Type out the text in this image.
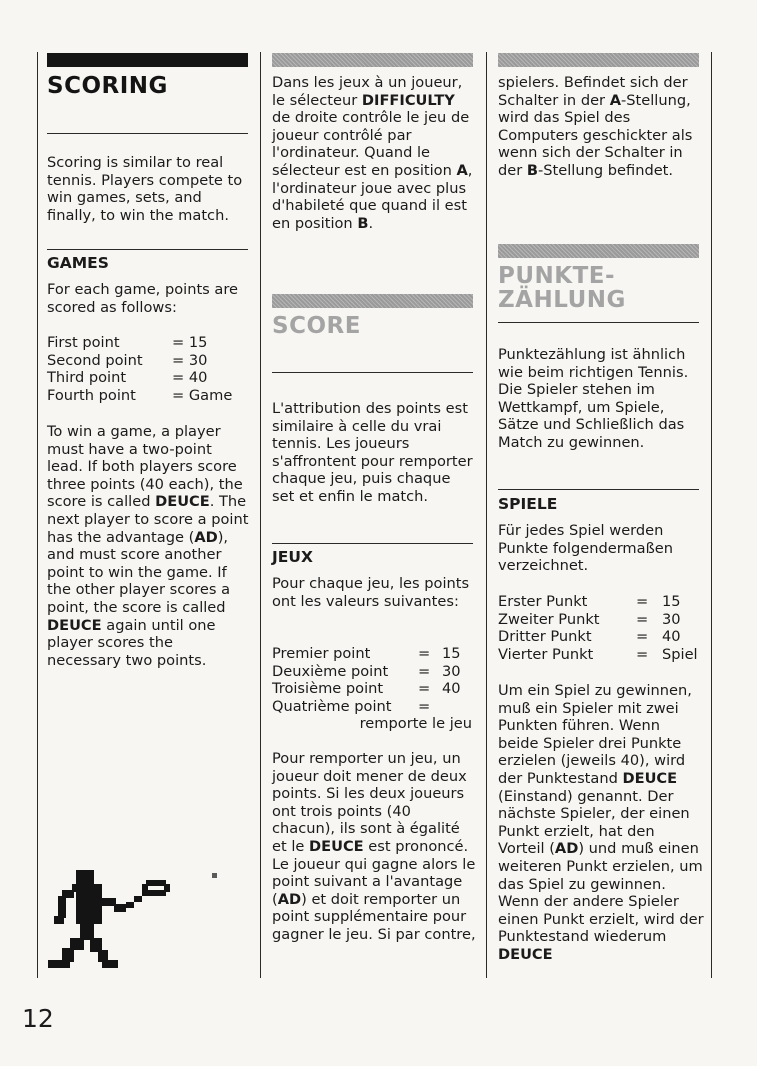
SCORING
Scoring is similar to real tennis. Players compete to win games, sets, and finally, to win the match.
GAMES
For each game, points are scored as follows:
First point	= 15
Second point	= 30
Third point	= 40
Fourth point	= Game
To win a game, a player must have a two-point lead. If both players score three points (40 each), the score is called DEUCE. The next player to score a point has the advantage (AD), and must score another point to win the game. If the other player scores a point, the score is called DEUCE again until one player scores the necessary two points.
12
Dans les jeux à un joueur, le sélecteur DIFFICULTY de droite contrôle le jeu de joueur contrôlé par l'ordinateur. Quand le sélecteur est en position A, l'ordinateur joue avec plus d'habileté que quand il est en position B.
SCORE
L'attribution des points est similaire à celle du vrai tennis. Les joueurs s'affrontent pour remporter chaque jeu, puis chaque set et enfin le match.
JEUX
Pour chaque jeu, les points ont les valeurs suivantes:
Premier point	= 15
Deuxième point	= 30
Troisième point	= 40
Quatrième point	=
remporte le jeu
Pour remporter un jeu, un joueur doit mener de deux points. Si les deux joueurs ont trois points (40 chacun), ils sont à égalité et le DEUCE est prononcé. Le joueur qui gagne alors le point suivant a l'avantage (AD) et doit remporter un point supplémentaire pour gagner le jeu. Si par contre,
spielers. Befindet sich der Schalter in der A-Stellung, wird das Spiel des Computers geschickter als wenn sich der Schalter in der B-Stellung befindet.
PUNKTE-
ZÄHLUNG
Punktezählung ist ähnlich wie beim richtigen Tennis. Die Spieler stehen im Wettkampf, um Spiele, Sätze und Schließlich das Match zu gewinnen.
SPIELE
Für jedes Spiel werden Punkte folgendermaßen verzeichnet.
Erster Punkt	= 15
Zweiter Punkt	= 30
Dritter Punkt	= 40
Vierter Punkt	= Spiel
Um ein Spiel zu gewinnen, muß ein Spieler mit zwei Punkten führen. Wenn beide Spieler drei Punkte erzielen (jeweils 40), wird der Punktestand DEUCE (Einstand) genannt. Der nächste Spieler, der einen Punkt erzielt, hat den Vorteil (AD) und muß einen weiteren Punkt erzielen, um das Spiel zu gewinnen. Wenn der andere Spieler einen Punkt erzielt, wird der Punktestand wiederum DEUCE
